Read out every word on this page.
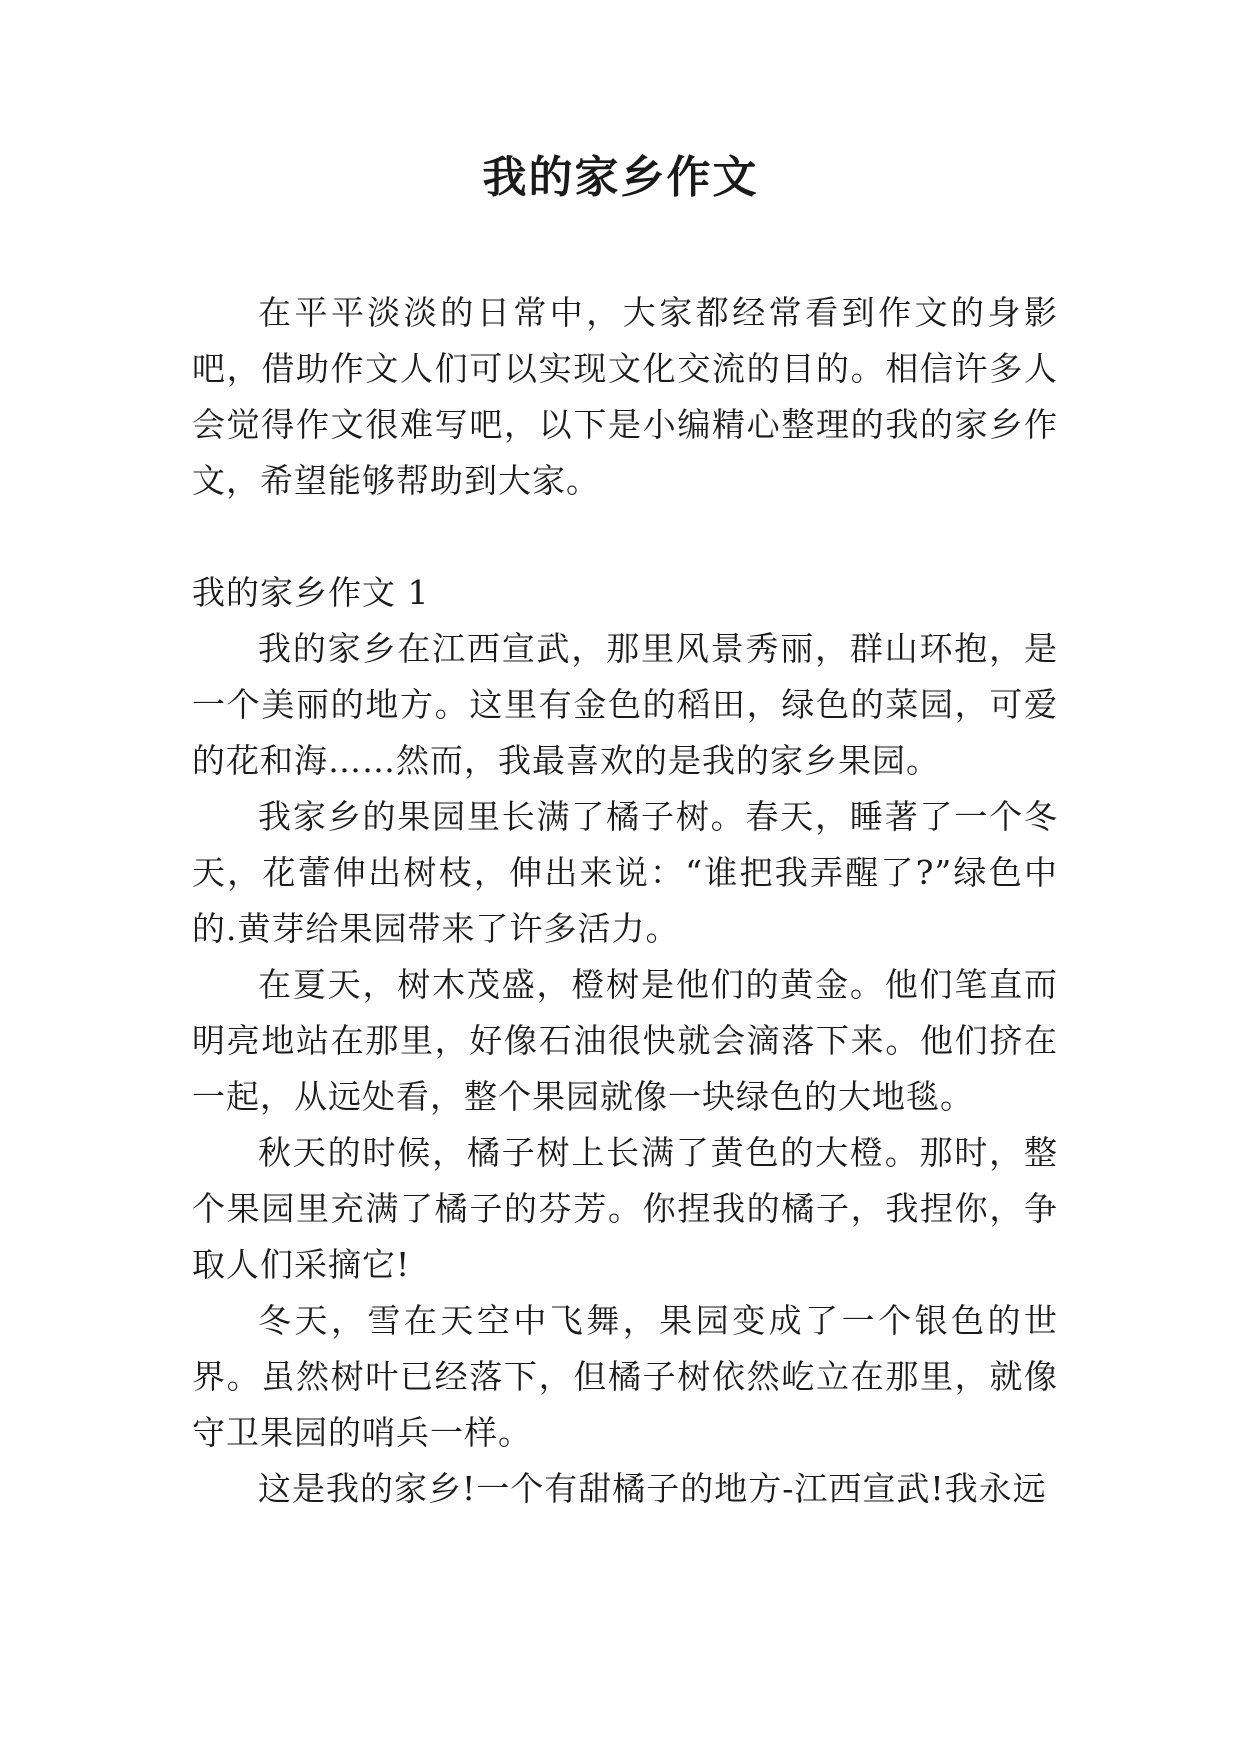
我的家乡作文

在平平淡淡的日常中，大家都经常看到作文的身影吧，借助作文人们可以实现文化交流的目的。相信许多人会觉得作文很难写吧，以下是小编精心整理的我的家乡作文，希望能够帮助到大家。

我的家乡作文 1

我的家乡在江西宣武，那里风景秀丽，群山环抱，是一个美丽的地方。这里有金色的稻田，绿色的菜园，可爱的花和海……然而，我最喜欢的是我的家乡果园。

我家乡的果园里长满了橘子树。春天，睡著了一个冬天，花蕾伸出树枝，伸出来说：“谁把我弄醒了?”绿色中的.黄芽给果园带来了许多活力。

在夏天，树木茂盛，橙树是他们的黄金。他们笔直而明亮地站在那里，好像石油很快就会滴落下来。他们挤在一起，从远处看，整个果园就像一块绿色的大地毯。

秋天的时候，橘子树上长满了黄色的大橙。那时，整个果园里充满了橘子的芬芳。你捏我的橘子，我捏你，争取人们采摘它!

冬天，雪在天空中飞舞，果园变成了一个银色的世界。虽然树叶已经落下，但橘子树依然屹立在那里，就像守卫果园的哨兵一样。

这是我的家乡!一个有甜橘子的地方-江西宣武!我永远
